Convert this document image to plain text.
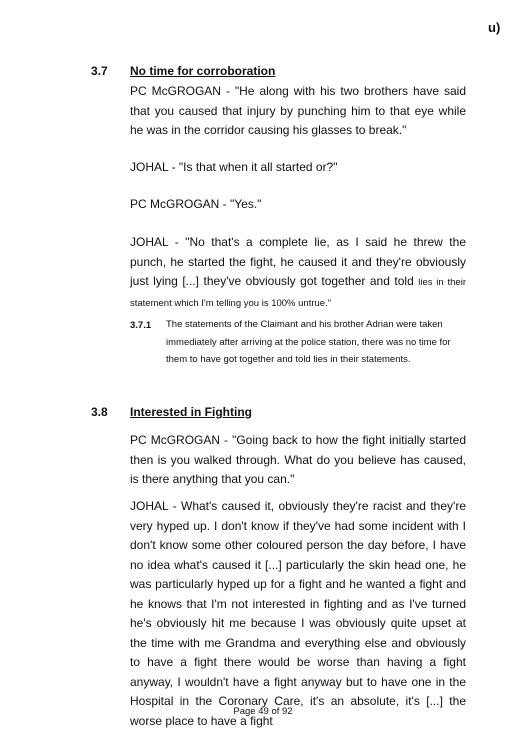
u)
3.7 No time for corroboration

PC McGROGAN - "He along with his two brothers have said that you caused that injury by punching him to that eye while he was in the corridor causing his glasses to break."

JOHAL - "Is that when it all started or?"

PC McGROGAN - "Yes."

JOHAL - "No that's a complete lie, as I said he threw the punch, he started the fight, he caused it and they're obviously just lying [...] they've obviously got together and told lies in their statement which I'm telling you is 100% untrue."

3.7.1 The statements of the Claimant and his brother Adrian were taken immediately after arriving at the police station, there was no time for them to have got together and told lies in their statements.

3.8 Interested in Fighting

PC McGROGAN - "Going back to how the fight initially started then is you walked through. What do you believe has caused, is there anything that you can."

JOHAL - What's caused it, obviously they're racist and they're very hyped up. I don't know if they've had some incident with I don't know some other coloured person the day before, I have no idea what's caused it [...] particularly the skin head one, he was particularly hyped up for a fight and he wanted a fight and he knows that I'm not interested in fighting and as I've turned he's obviously hit me because I was obviously quite upset at the time with me Grandma and everything else and obviously to have a fight there would be worse than having a fight anyway, I wouldn't have a fight anyway but to have one in the Hospital in the Coronary Care, it's an absolute, it's [...] the worse place to have a fight

Page 49 of 92
